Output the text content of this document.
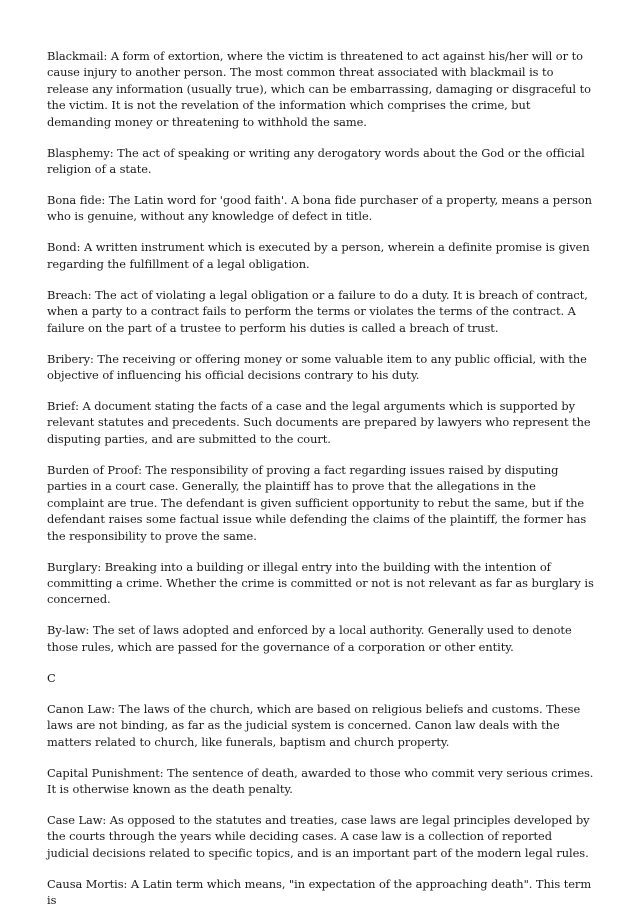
Blackmail: A form of extortion, where the victim is threatened to act against his/her will or to cause injury to another person. The most common threat associated with blackmail is to release any information (usually true), which can be embarrassing, damaging or disgraceful to the victim. It is not the revelation of the information which comprises the crime, but demanding money or threatening to withhold the same.

Blasphemy: The act of speaking or writing any derogatory words about the God or the official religion of a state.

Bona fide: The Latin word for 'good faith'. A bona fide purchaser of a property, means a person who is genuine, without any knowledge of defect in title.

Bond: A written instrument which is executed by a person, wherein a definite promise is given regarding the fulfillment of a legal obligation.

Breach: The act of violating a legal obligation or a failure to do a duty. It is breach of contract, when a party to a contract fails to perform the terms or violates the terms of the contract. A failure on the part of a trustee to perform his duties is called a breach of trust.

Bribery: The receiving or offering money or some valuable item to any public official, with the objective of influencing his official decisions contrary to his duty.

Brief: A document stating the facts of a case and the legal arguments which is supported by relevant statutes and precedents. Such documents are prepared by lawyers who represent the disputing parties, and are submitted to the court.

Burden of Proof: The responsibility of proving a fact regarding issues raised by disputing parties in a court case. Generally, the plaintiff has to prove that the allegations in the complaint are true. The defendant is given sufficient opportunity to rebut the same, but if the defendant raises some factual issue while defending the claims of the plaintiff, the former has the responsibility to prove the same.

Burglary: Breaking into a building or illegal entry into the building with the intention of committing a crime. Whether the crime is committed or not is not relevant as far as burglary is concerned.

By-law: The set of laws adopted and enforced by a local authority. Generally used to denote those rules, which are passed for the governance of a corporation or other entity.

C

Canon Law: The laws of the church, which are based on religious beliefs and customs. These laws are not binding, as far as the judicial system is concerned. Canon law deals with the matters related to church, like funerals, baptism and church property.

Capital Punishment: The sentence of death, awarded to those who commit very serious crimes. It is otherwise known as the death penalty.

Case Law: As opposed to the statutes and treaties, case laws are legal principles developed by the courts through the years while deciding cases. A case law is a collection of reported judicial decisions related to specific topics, and is an important part of the modern legal rules.

Causa Mortis: A Latin term which means, "in expectation of the approaching death". This term is
